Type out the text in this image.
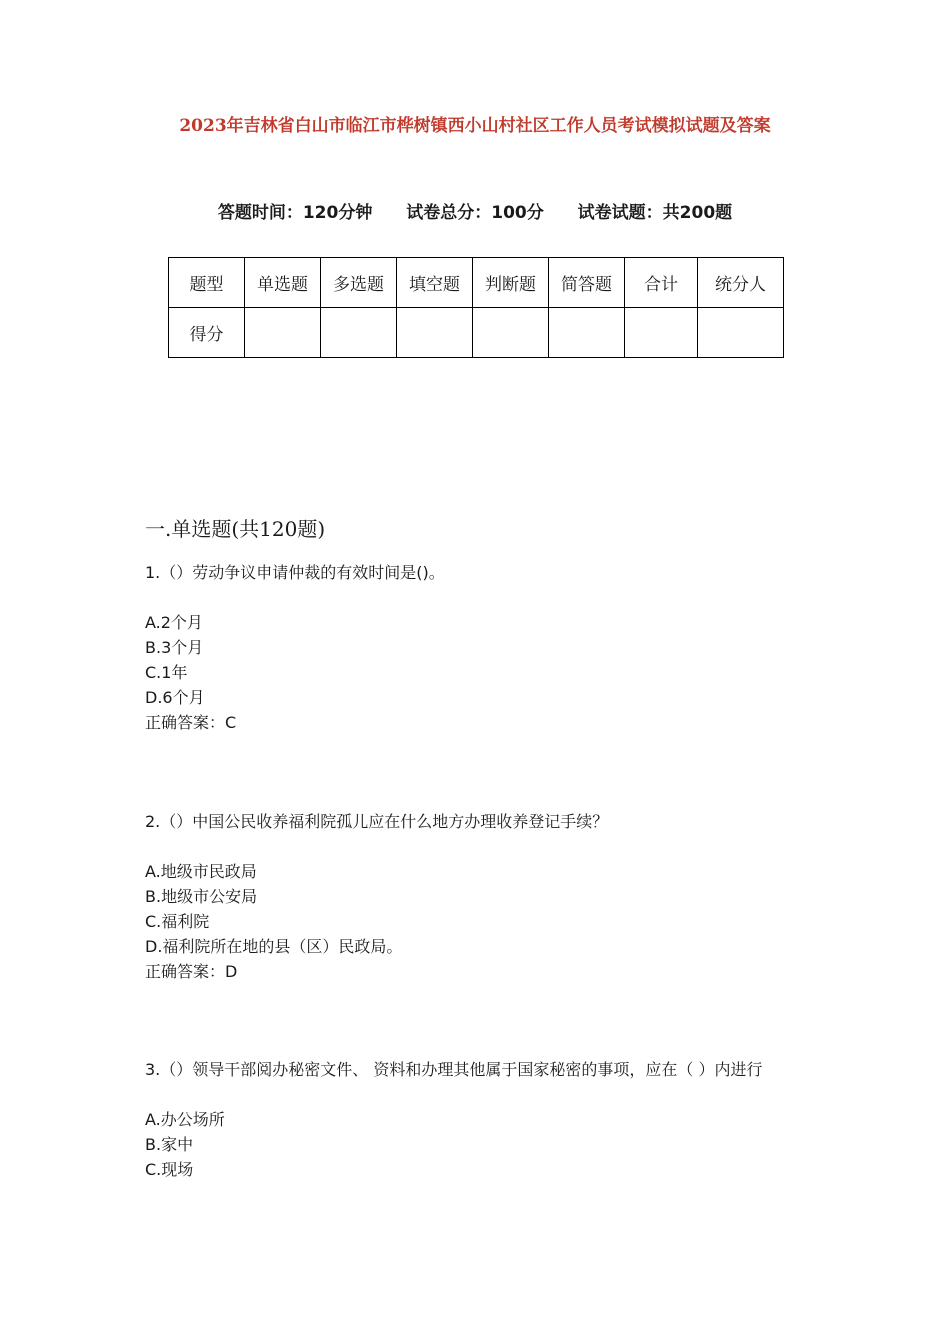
2023年吉林省白山市临江市桦树镇西小山村社区工作人员考试模拟试题及答案
答题时间：120分钟 试卷总分：100分 试卷试题：共200题
题型	单选题	多选题	填空题	判断题	简答题	合计	统分人
得分							
一.单选题(共120题)

1.（）劳动争议申请仲裁的有效时间是()。

A.2个月

B.3个月

C.1年

D.6个月

正确答案：C

2.（）中国公民收养福利院孤儿应在什么地方办理收养登记手续？

A.地级市民政局

B.地级市公安局

C.福利院

D.福利院所在地的县（区）民政局。

正确答案：D

3.（）领导干部阅办秘密文件、 资料和办理其他属于国家秘密的事项，应在（ ）内进行

A.办公场所

B.家中

C.现场
